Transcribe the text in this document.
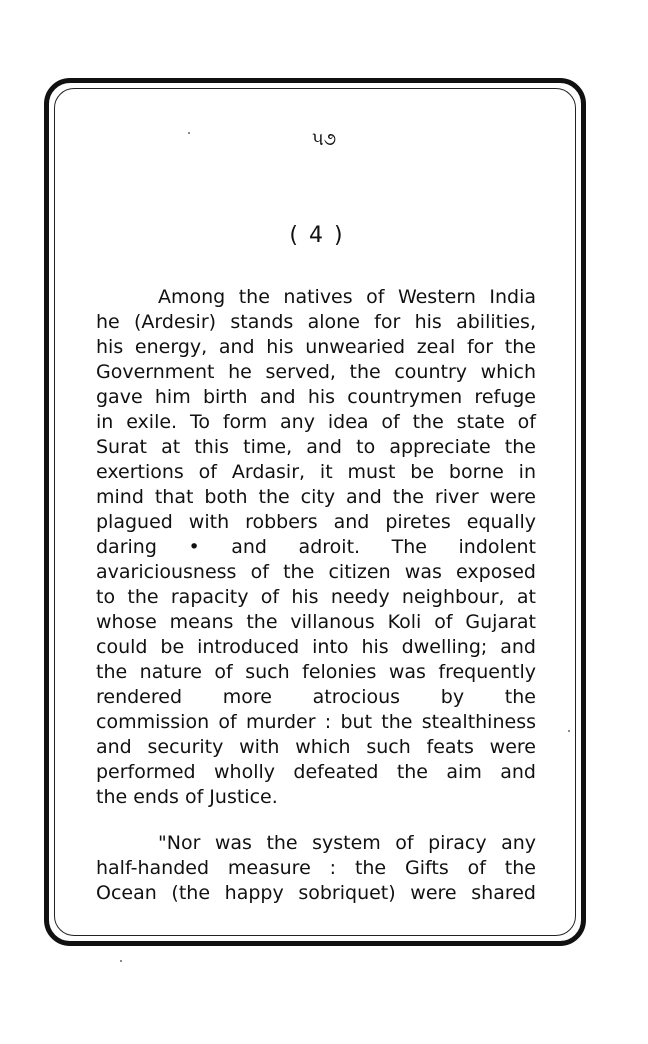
૫૭
( 4 )
Among the natives of Western India
he (Ardesir) stands alone for his abilities,
his energy, and his unwearied zeal for the
Government he served, the country which
gave him birth and his countrymen refuge
in exile. To form any idea of the state of
Surat at this time, and to appreciate the
exertions of Ardasir, it must be borne in
mind that both the city and the river were
plagued with robbers and piretes equally
daring • and adroit. The indolent
avariciousness of the citizen was exposed
to the rapacity of his needy neighbour, at
whose means the villanous Koli of Gujarat
could be introduced into his dwelling; and
the nature of such felonies was frequently
rendered more atrocious by the
commission of murder : but the stealthiness
and security with which such feats were
performed wholly defeated the aim and
the ends of Justice.
"Nor was the system of piracy any
half-handed measure : the Gifts of the
Ocean (the happy sobriquet) were shared
